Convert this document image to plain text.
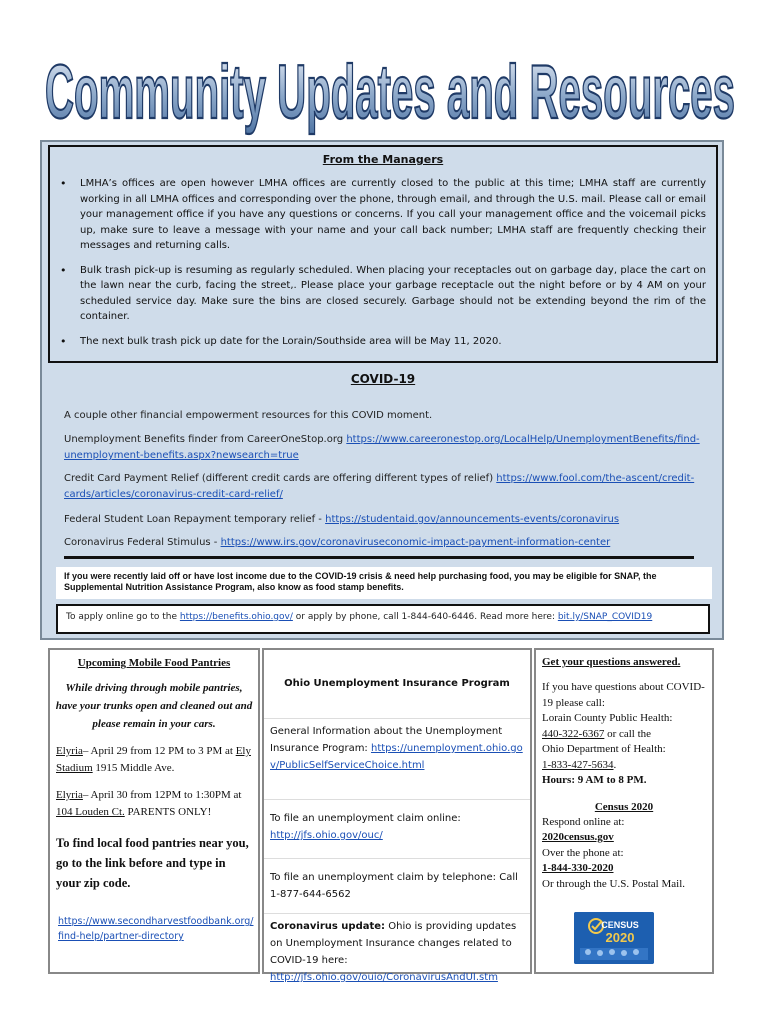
Community Updates and Resources
From the Managers
• LMHA’s offices are open however LMHA offices are currently closed to the public at this time; LMHA staff are currently working in all LMHA offices and corresponding over the phone, through email, and through the U.S. mail. Please call or email your management office if you have any questions or concerns. If you call your management office and the voicemail picks up, make sure to leave a message with your name and your call back number; LMHA staff are frequently checking their messages and returning calls.
• Bulk trash pick-up is resuming as regularly scheduled. When placing your receptacles out on garbage day, place the cart on the lawn near the curb, facing the street,. Please place your garbage receptacle out the night before or by 4 AM on your scheduled service day. Make sure the bins are closed securely. Garbage should not be extending beyond the rim of the container.
• The next bulk trash pick up date for the Lorain/Southside area will be May 11, 2020.
COVID-19
A couple other financial empowerment resources for this COVID moment.
Unemployment Benefits finder from CareerOneStop.org https://www.careeronestop.org/LocalHelp/UnemploymentBenefits/find-unemployment-benefits.aspx?newsearch=true
Credit Card Payment Relief (different credit cards are offering different types of relief) https://www.fool.com/the-ascent/credit-cards/articles/coronavirus-credit-card-relief/
Federal Student Loan Repayment temporary relief - https://studentaid.gov/announcements-events/coronavirus
Coronavirus Federal Stimulus - https://www.irs.gov/coronaviruseconomic-impact-payment-information-center
If you were recently laid off or have lost income due to the COVID-19 crisis & need help purchasing food, you may be eligible for SNAP, the Supplemental Nutrition Assistance Program, also know as food stamp benefits.
To apply online go to the https://benefits.ohio.gov/ or apply by phone, call 1-844-640-6446. Read more here: bit.ly/SNAP_COVID19
Upcoming Mobile Food Pantries
While driving through mobile pantries, have your trunks open and cleaned out and please remain in your cars.
Elyria– April 29 from 12 PM to 3 PM at Ely Stadium 1915 Middle Ave.
Elyria– April 30 from 12PM to 1:30PM at 104 Louden Ct. PARENTS ONLY!
To find local food pantries near you, go to the link before and type in your zip code.
https://www.secondharvestfoodbank.org/find-help/partner-directory
Ohio Unemployment Insurance Program
General Information about the Unemployment Insurance Program: https://unemployment.ohio.gov/PublicSelfServiceChoice.html
To file an unemployment claim online:
http://jfs.ohio.gov/ouc/
To file an unemployment claim by telephone: Call 1-877-644-6562
Coronavirus update: Ohio is providing updates on Unemployment Insurance changes related to COVID-19 here:
http://jfs.ohio.gov/ouio/CoronavirusAndUI.stm
Get your questions answered.
If you have questions about COVID-19 please call:
Lorain County Public Health:
440-322-6367 or call the
Ohio Department of Health:
1-833-427-5634.
Hours: 9 AM to 8 PM.
Census 2020
Respond online at:
2020census.gov
Over the phone at:
1-844-330-2020
Or through the U.S. Postal Mail.
CENSUS
2020
